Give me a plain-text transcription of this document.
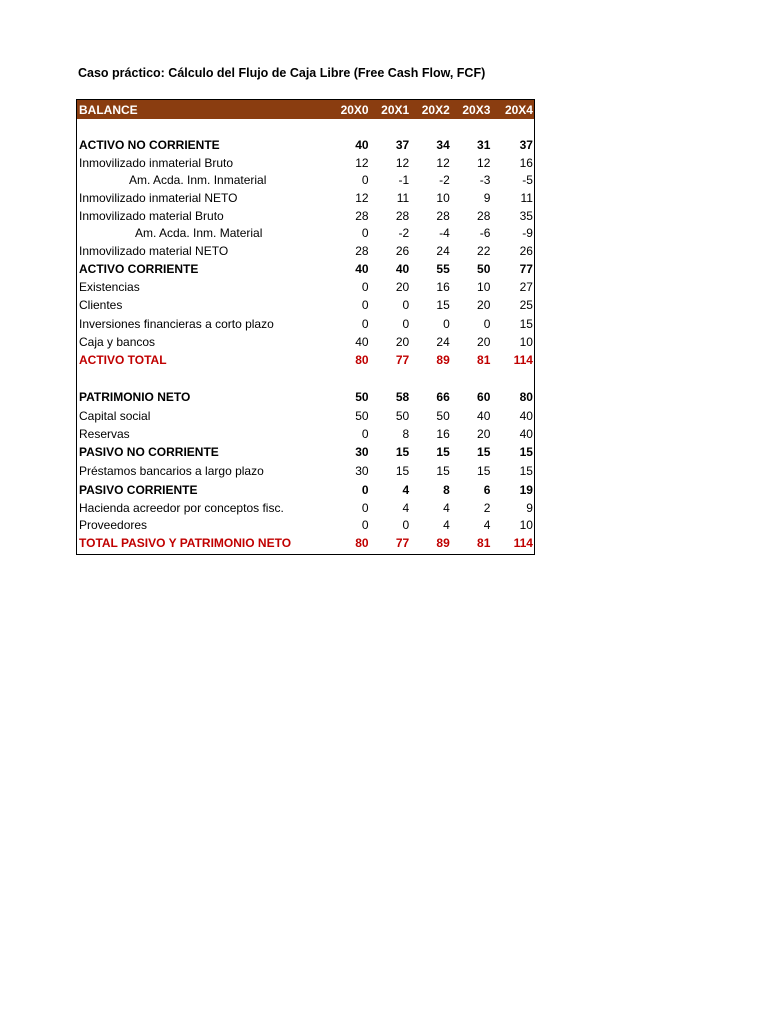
Caso práctico: Cálculo del Flujo de Caja Libre (Free Cash Flow, FCF)
BALANCE	20X0	20X1	20X2	20X3	20X4
ACTIVO NO CORRIENTE	40	37	34	31	37
Inmovilizado inmaterial Bruto	12	12	12	12	16
Am. Acda. Inm. Inmaterial	0	-1	-2	-3	-5
Inmovilizado inmaterial NETO	12	11	10	9	11
Inmovilizado material Bruto	28	28	28	28	35
Am. Acda. Inm. Material	0	-2	-4	-6	-9
Inmovilizado material NETO	28	26	24	22	26
ACTIVO CORRIENTE	40	40	55	50	77
Existencias	0	20	16	10	27
Clientes	0	0	15	20	25
Inversiones financieras a corto plazo	0	0	0	0	15
Caja y bancos	40	20	24	20	10
ACTIVO TOTAL	80	77	89	81	114
PATRIMONIO NETO	50	58	66	60	80
Capital social	50	50	50	40	40
Reservas	0	8	16	20	40
PASIVO NO CORRIENTE	30	15	15	15	15
Préstamos bancarios a largo plazo	30	15	15	15	15
PASIVO CORRIENTE	0	4	8	6	19
Hacienda acreedor por conceptos fisc.	0	4	4	2	9
Proveedores	0	0	4	4	10
TOTAL PASIVO Y PATRIMONIO NETO	80	77	89	81	114
